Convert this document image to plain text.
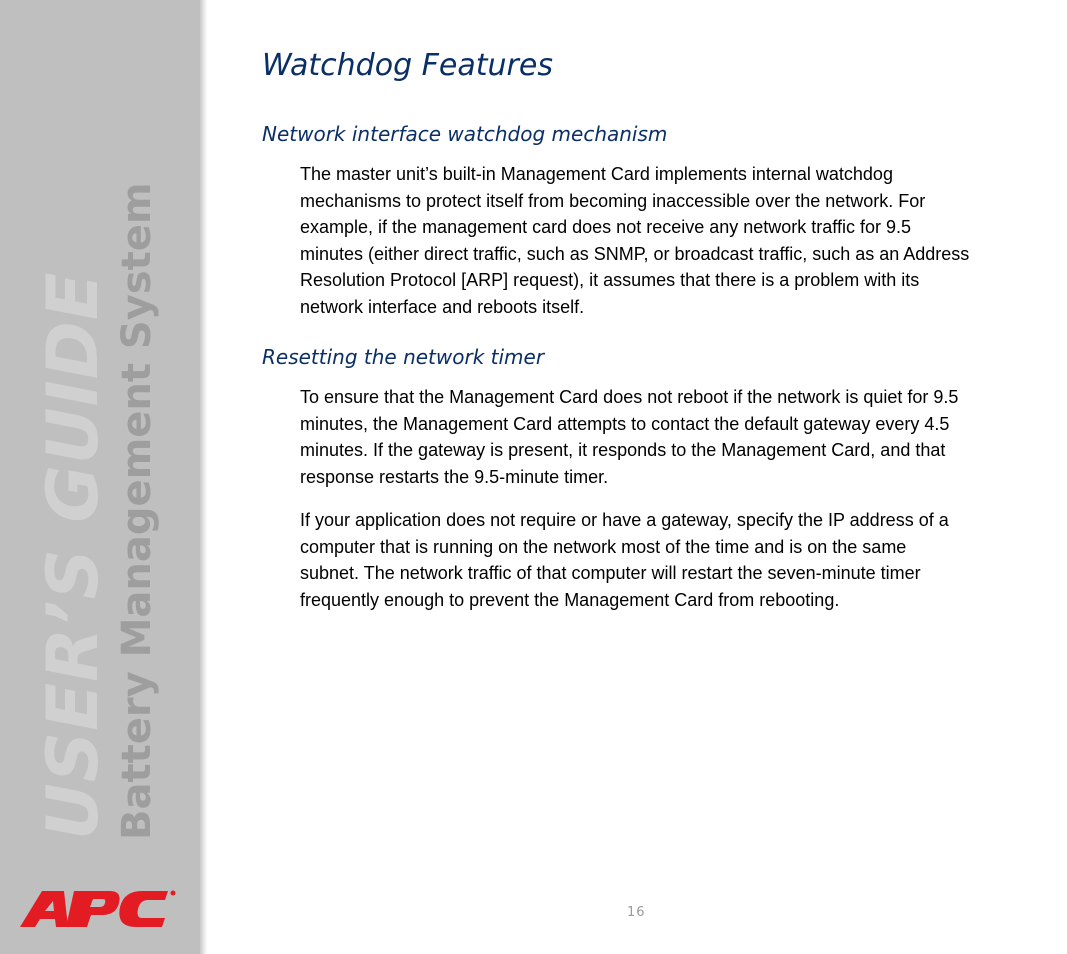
USER’S GUIDE Battery Management System
Watchdog Features
Network interface watchdog mechanism

The master unit’s built-in Management Card implements internal watchdog mechanisms to protect itself from becoming inaccessible over the network. For example, if the management card does not receive any network traffic for 9.5 minutes (either direct traffic, such as SNMP, or broadcast traffic, such as an Address Resolution Protocol [ARP] request), it assumes that there is a problem with its network interface and reboots itself.

Resetting the network timer

To ensure that the Management Card does not reboot if the network is quiet for 9.5 minutes, the Management Card attempts to contact the default gateway every 4.5 minutes. If the gateway is present, it responds to the Management Card, and that response restarts the 9.5-minute timer.

If your application does not require or have a gateway, specify the IP address of a computer that is running on the network most of the time and is on the same subnet. The network traffic of that computer will restart the seven-minute timer frequently enough to prevent the Management Card from rebooting.

16
